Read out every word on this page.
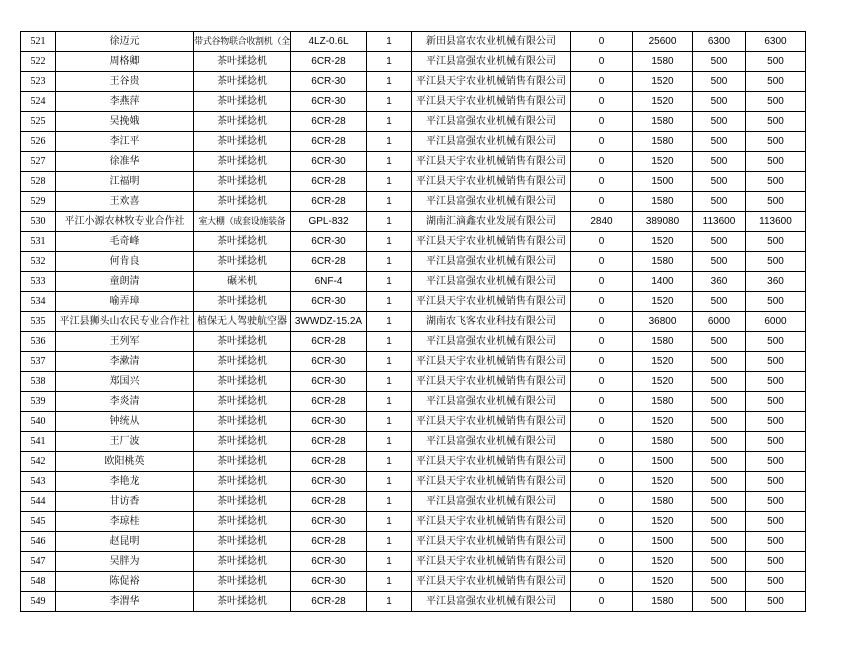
521	徐迈元	带式谷物联合收割机（全	4LZ-0.6L	1	新田县富农农业机械有限公司	0	25600	6300	6300
522	周格卿	茶叶揉捻机	6CR-28	1	平江县富强农业机械有限公司	0	1580	500	500
523	王谷贵	茶叶揉捻机	6CR-30	1	平江县天宇农业机械销售有限公司	0	1520	500	500
524	李燕萍	茶叶揉捻机	6CR-30	1	平江县天宇农业机械销售有限公司	0	1520	500	500
525	吴挽娥	茶叶揉捻机	6CR-28	1	平江县富强农业机械有限公司	0	1580	500	500
526	李江平	茶叶揉捻机	6CR-28	1	平江县富强农业机械有限公司	0	1580	500	500
527	徐准华	茶叶揉捻机	6CR-30	1	平江县天宇农业机械销售有限公司	0	1520	500	500
528	江福明	茶叶揉捻机	6CR-28	1	平江县天宇农业机械销售有限公司	0	1500	500	500
529	王欢喜	茶叶揉捻机	6CR-28	1	平江县富强农业机械有限公司	0	1580	500	500
530	平江小源农林牧专业合作社	室大棚（成套设施装备	GPL-832	1	湖南汇滴鑫农业发展有限公司	2840	389080	113600	113600
531	毛奇峰	茶叶揉捻机	6CR-30	1	平江县天宇农业机械销售有限公司	0	1520	500	500
532	何肯良	茶叶揉捻机	6CR-28	1	平江县富强农业机械有限公司	0	1580	500	500
533	童朗清	碾米机	6NF-4	1	平江县富强农业机械有限公司	0	1400	360	360
534	喻弄璋	茶叶揉捻机	6CR-30	1	平江县天宇农业机械销售有限公司	0	1520	500	500
535	平江县狮头山农民专业合作社	植保无人驾驶航空器	3WWDZ-15.2A	1	湖南农飞客农业科技有限公司	0	36800	6000	6000
536	王列军	茶叶揉捻机	6CR-28	1	平江县富强农业机械有限公司	0	1580	500	500
537	李漱清	茶叶揉捻机	6CR-30	1	平江县天宇农业机械销售有限公司	0	1520	500	500
538	郑国兴	茶叶揉捻机	6CR-30	1	平江县天宇农业机械销售有限公司	0	1520	500	500
539	李炎清	茶叶揉捻机	6CR-28	1	平江县富强农业机械有限公司	0	1580	500	500
540	钟统从	茶叶揉捻机	6CR-30	1	平江县天宇农业机械销售有限公司	0	1520	500	500
541	王厂波	茶叶揉捻机	6CR-28	1	平江县富强农业机械有限公司	0	1580	500	500
542	欧阳桃英	茶叶揉捻机	6CR-28	1	平江县天宇农业机械销售有限公司	0	1500	500	500
543	李艳龙	茶叶揉捻机	6CR-30	1	平江县天宇农业机械销售有限公司	0	1520	500	500
544	甘访香	茶叶揉捻机	6CR-28	1	平江县富强农业机械有限公司	0	1580	500	500
545	李琼桂	茶叶揉捻机	6CR-30	1	平江县天宇农业机械销售有限公司	0	1520	500	500
546	赵昆明	茶叶揉捻机	6CR-28	1	平江县天宇农业机械销售有限公司	0	1500	500	500
547	吴胖为	茶叶揉捻机	6CR-30	1	平江县天宇农业机械销售有限公司	0	1520	500	500
548	陈促裕	茶叶揉捻机	6CR-30	1	平江县天宇农业机械销售有限公司	0	1520	500	500
549	李渭华	茶叶揉捻机	6CR-28	1	平江县富强农业机械有限公司	0	1580	500	500
